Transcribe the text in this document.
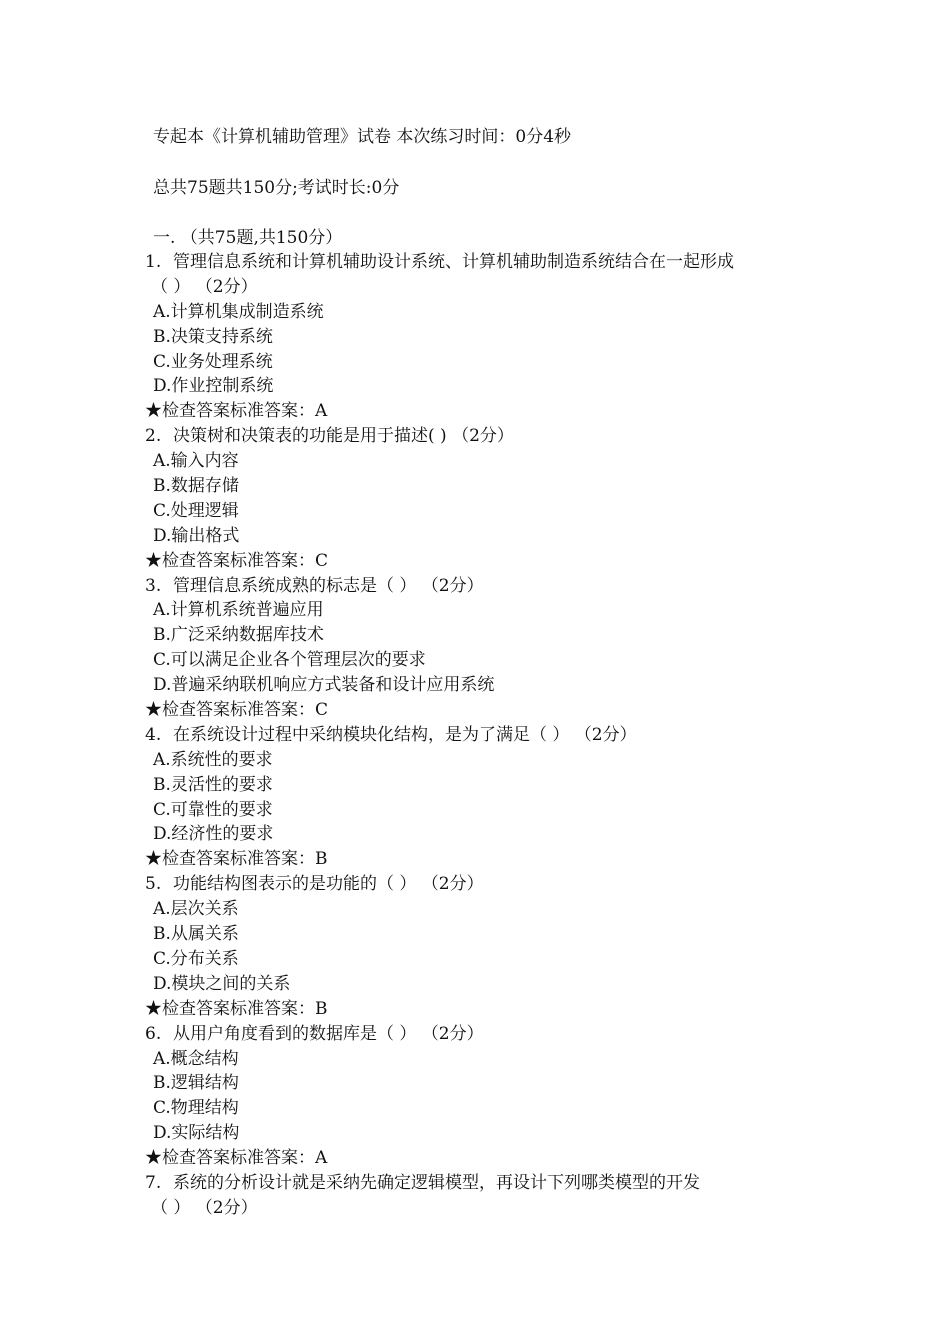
专起本《计算机辅助管理》试卷 本次练习时间：0分4秒
总共75题共150分;考试时长:0分
一. （共75题,共150分）
1. 管理信息系统和计算机辅助设计系统、计算机辅助制造系统结合在一起形成
（ ） （2分）
A.计算机集成制造系统
B.决策支持系统
C.业务处理系统
D.作业控制系统
★检查答案标准答案：A
2. 决策树和决策表的功能是用于描述( ) （2分）
A.输入内容
B.数据存储
C.处理逻辑
D.输出格式
★检查答案标准答案：C
3. 管理信息系统成熟的标志是（ ） （2分）
A.计算机系统普遍应用
B.广泛采纳数据库技术
C.可以满足企业各个管理层次的要求
D.普遍采纳联机响应方式装备和设计应用系统
★检查答案标准答案：C
4. 在系统设计过程中采纳模块化结构，是为了满足（ ） （2分）
A.系统性的要求
B.灵活性的要求
C.可靠性的要求
D.经济性的要求
★检查答案标准答案：B
5. 功能结构图表示的是功能的（ ） （2分）
A.层次关系
B.从属关系
C.分布关系
D.模块之间的关系
★检查答案标准答案：B
6. 从用户角度看到的数据库是（ ） （2分）
A.概念结构
B.逻辑结构
C.物理结构
D.实际结构
★检查答案标准答案：A
7. 系统的分析设计就是采纳先确定逻辑模型，再设计下列哪类模型的开发
（ ） （2分）
